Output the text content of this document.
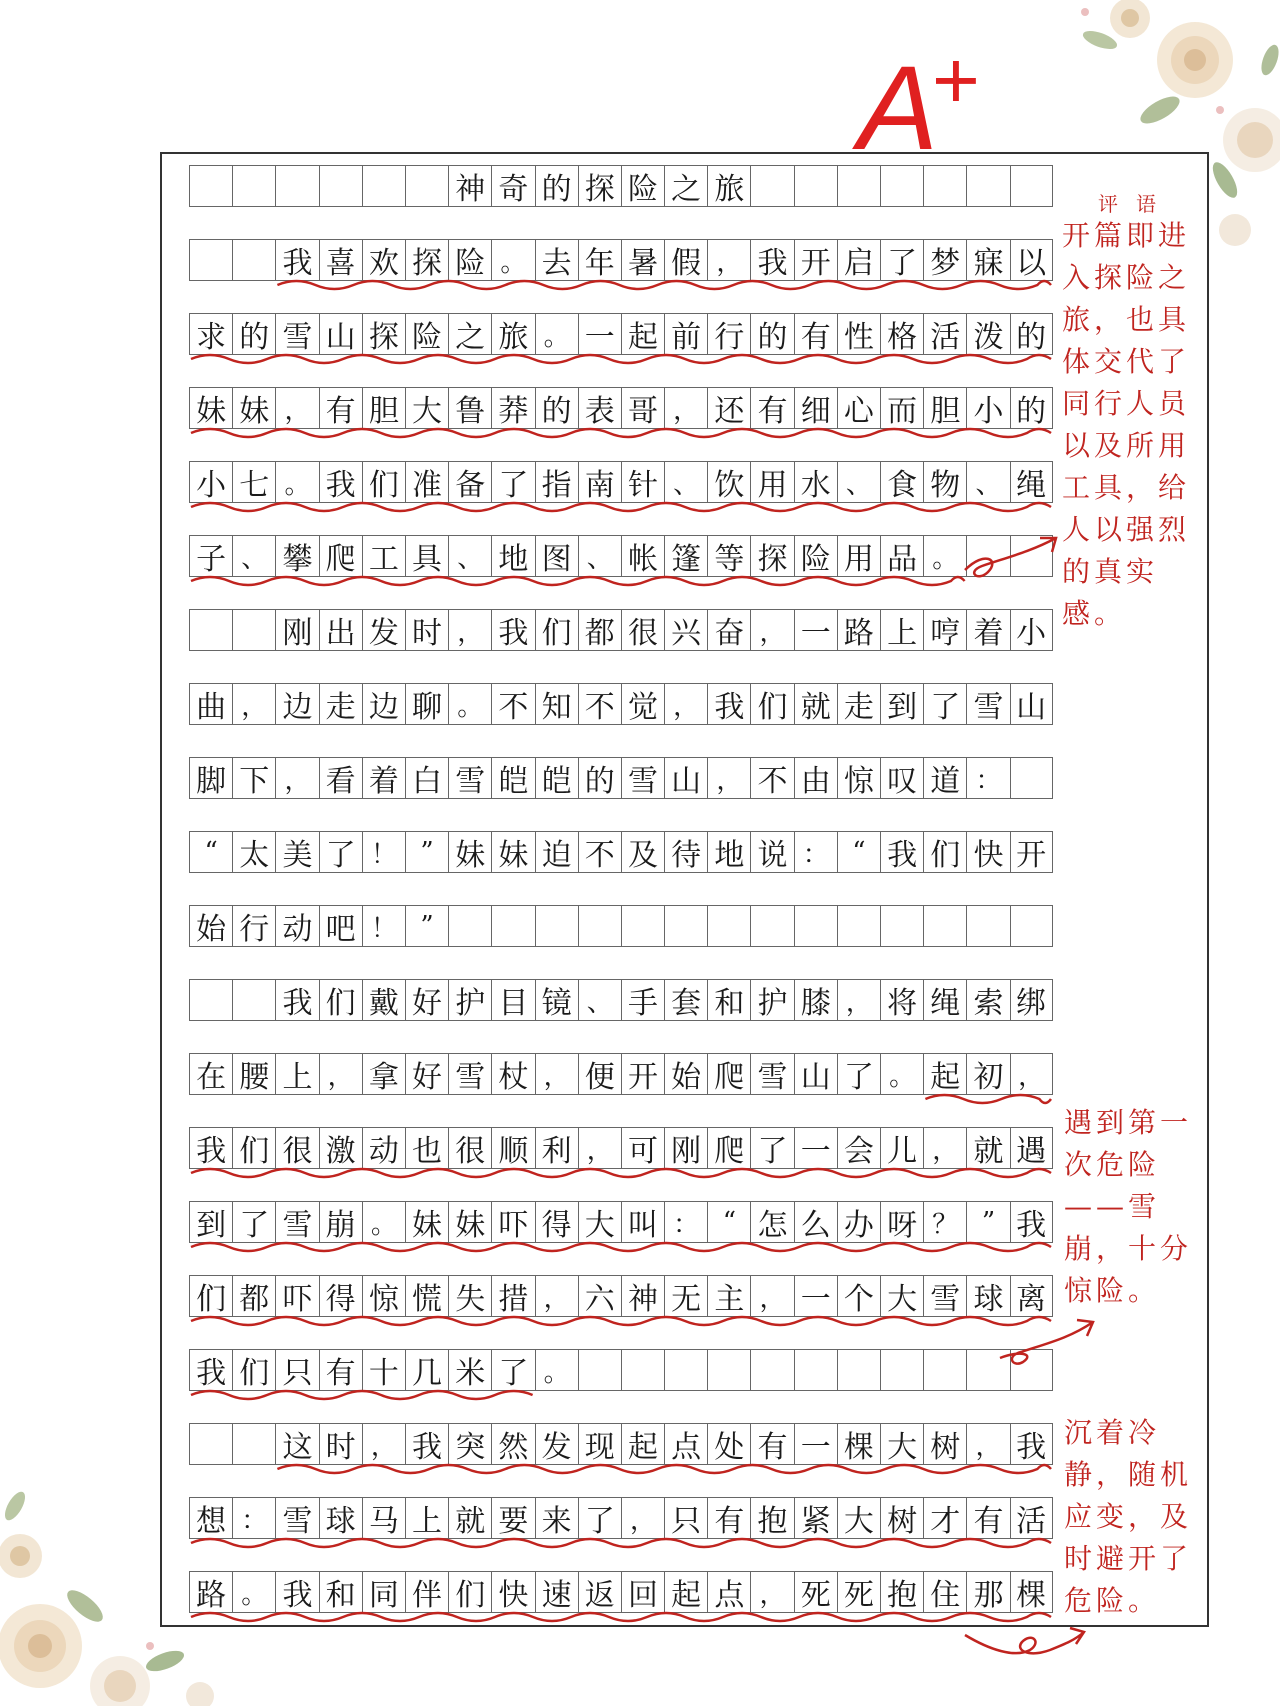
A
+
神 奇 的 探 险 之 旅
我 喜 欢 探 险 。 去 年 暑 假 ， 我 开 启 了 梦 寐 以
求 的 雪 山 探 险 之 旅 。 一 起 前 行 的 有 性 格 活 泼 的
妹 妹 ， 有 胆 大 鲁 莽 的 表 哥 ， 还 有 细 心 而 胆 小 的
小 七 。 我 们 准 备 了 指 南 针 、 饮 用 水 、 食 物 、 绳
子 、 攀 爬 工 具 、 地 图 、 帐 篷 等 探 险 用 品 。
刚 出 发 时 ， 我 们 都 很 兴 奋 ， 一 路 上 哼 着 小
曲 ， 边 走 边 聊 。 不 知 不 觉 ， 我 们 就 走 到 了 雪 山
脚 下 ， 看 着 白 雪 皑 皑 的 雪 山 ， 不 由 惊 叹 道 ：
“ 太 美 了 ！ ” 妹 妹 迫 不 及 待 地 说 ： “ 我 们 快 开
始 行 动 吧 ！ ”
我 们 戴 好 护 目 镜 、 手 套 和 护 膝 ， 将 绳 索 绑
在 腰 上 ， 拿 好 雪 杖 ， 便 开 始 爬 雪 山 了 。 起 初 ，
我 们 很 激 动 也 很 顺 利 ， 可 刚 爬 了 一 会 儿 ， 就 遇
到 了 雪 崩 。 妹 妹 吓 得 大 叫 ： “ 怎 么 办 呀 ？ ” 我
们 都 吓 得 惊 慌 失 措 ， 六 神 无 主 ， 一 个 大 雪 球 离
我 们 只 有 十 几 米 了 。
这 时 ， 我 突 然 发 现 起 点 处 有 一 棵 大 树 ， 我
想 ： 雪 球 马 上 就 要 来 了 ， 只 有 抱 紧 大 树 才 有 活
路 。 我 和 同 伴 们 快 速 返 回 起 点 ， 死 死 抱 住 那 棵
评语
开篇即进
入探险之
旅，也具
体交代了
同行人员
以及所用
工具，给
人以强烈
的真实
感。
遇到第一
次危险
——雪
崩，十分
惊险。
沉着冷
静，随机
应变，及
时避开了
危险。
